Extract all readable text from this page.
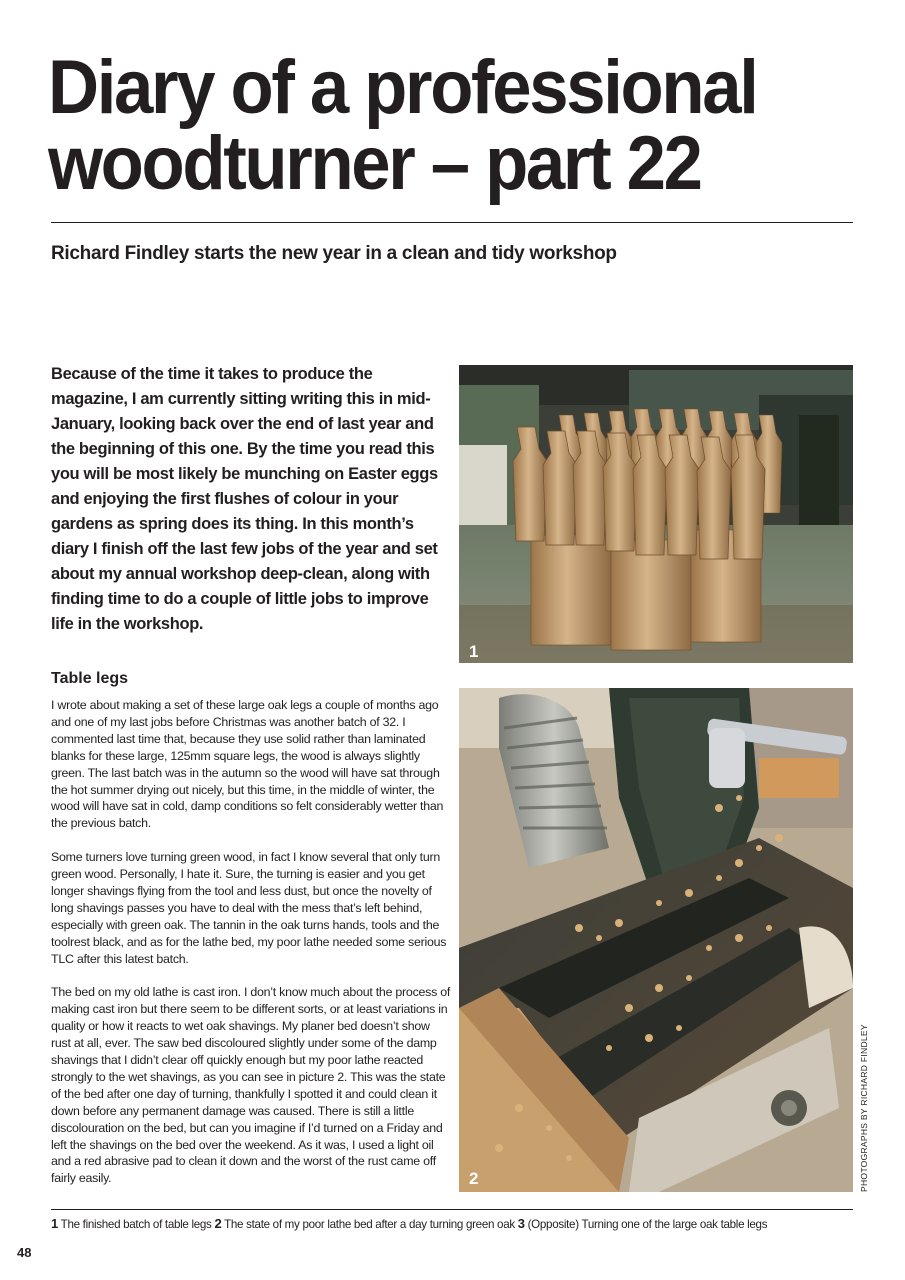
Diary of a professional
woodturner – part 22
Richard Findley starts the new year in a clean and tidy workshop
Because of the time it takes to produce the magazine, I am currently sitting writing this in mid-January, looking back over the end of last year and the beginning of this one. By the time you read this you will be most likely be munching on Easter eggs and enjoying the first flushes of colour in your gardens as spring does its thing. In this month’s diary I finish off the last few jobs of the year and set about my annual workshop deep-clean, along with finding time to do a couple of little jobs to improve life in the workshop.
Table legs

I wrote about making a set of these large oak legs a couple of months ago and one of my last jobs before Christmas was another batch of 32. I commented last time that, because they use solid rather than laminated blanks for these large, 125mm square legs, the wood is always slightly green. The last batch was in the autumn so the wood will have sat through the hot summer drying out nicely, but this time, in the middle of winter, the wood will have sat in cold, damp conditions so felt considerably wetter than the previous batch.

Some turners love turning green wood, in fact I know several that only turn green wood. Personally, I hate it. Sure, the turning is easier and you get longer shavings flying from the tool and less dust, but once the novelty of long shavings passes you have to deal with the mess that’s left behind, especially with green oak. The tannin in the oak turns hands, tools and the toolrest black, and as for the lathe bed, my poor lathe needed some serious TLC after this latest batch.

The bed on my old lathe is cast iron. I don’t know much about the process of making cast iron but there seem to be different sorts, or at least variations in quality or how it reacts to wet oak shavings. My planer bed doesn’t show rust at all, ever. The saw bed discoloured slightly under some of the damp shavings that I didn’t clear off quickly enough but my poor lathe reacted strongly to the wet shavings, as you can see in picture 2. This was the state of the bed after one day of turning, thankfully I spotted it and could clean it down before any permanent damage was caused. There is still a little discolouration on the bed, but can you imagine if I’d turned on a Friday and left the shavings on the bed over the weekend. As it was, I used a light oil and a red abrasive pad to clean it down and the worst of the rust came off fairly easily.

1
2	PHOTOGRAPHS BY RICHARD FINDLEY
1 The finished batch of table legs 2 The state of my poor lathe bed after a day turning green oak 3 (Opposite) Turning one of the large oak table legs
48
